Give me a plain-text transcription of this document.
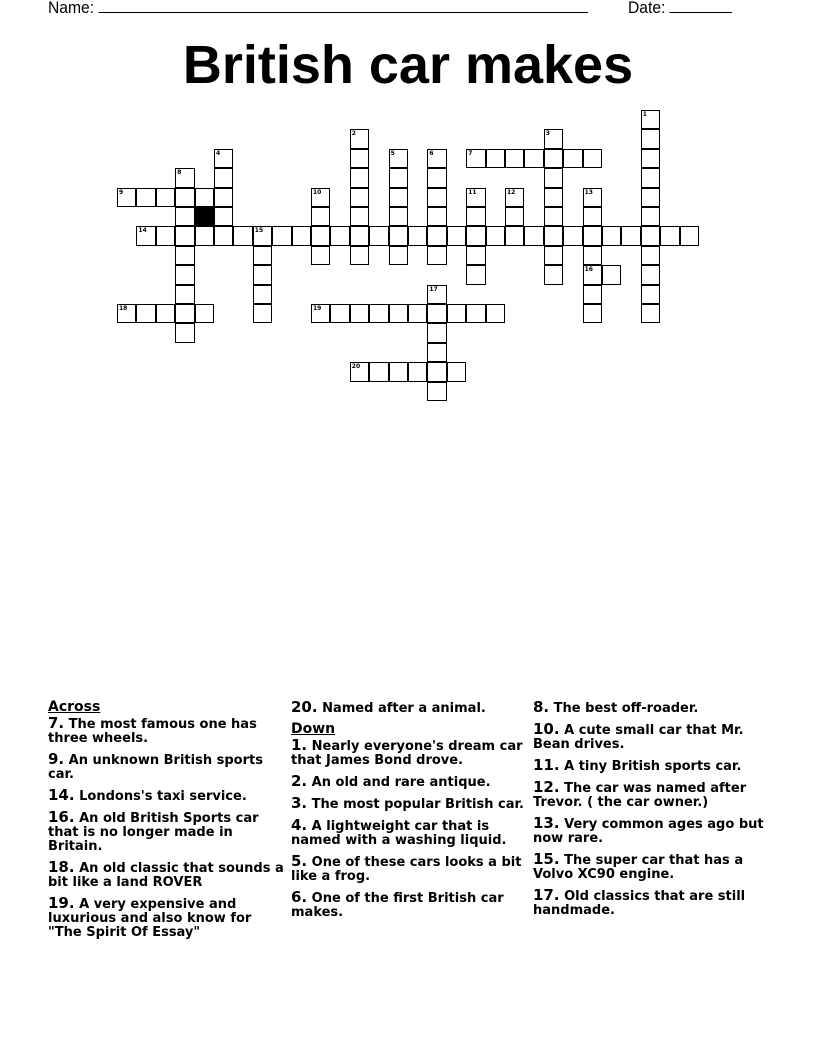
Name:	Date:
British car makes
1
2	3
4	5	6	7
8
9	10	11	12	13
16
14	15
17
18	19
20
Across
7. The most famous one has three wheels.
9. An unknown British sports car.
14. Londons's taxi service.
16. An old British Sports car that is no longer made in Britain.
18. An old classic that sounds a bit like a land ROVER
19. A very expensive and luxurious and also know for "The Spirit Of Essay"
20. Named after a animal.
Down
1. Nearly everyone's dream car that James Bond drove.
2. An old and rare antique.
3. The most popular British car.
4. A lightweight car that is named with a washing liquid.
5. One of these cars looks a bit like a frog.
6. One of the first British car makes.
8. The best off-roader.
10. A cute small car that Mr. Bean drives.
11. A tiny British sports car.
12. The car was named after Trevor. ( the car owner.)
13. Very common ages ago but now rare.
15. The super car that has a Volvo XC90 engine.
17. Old classics that are still handmade.
